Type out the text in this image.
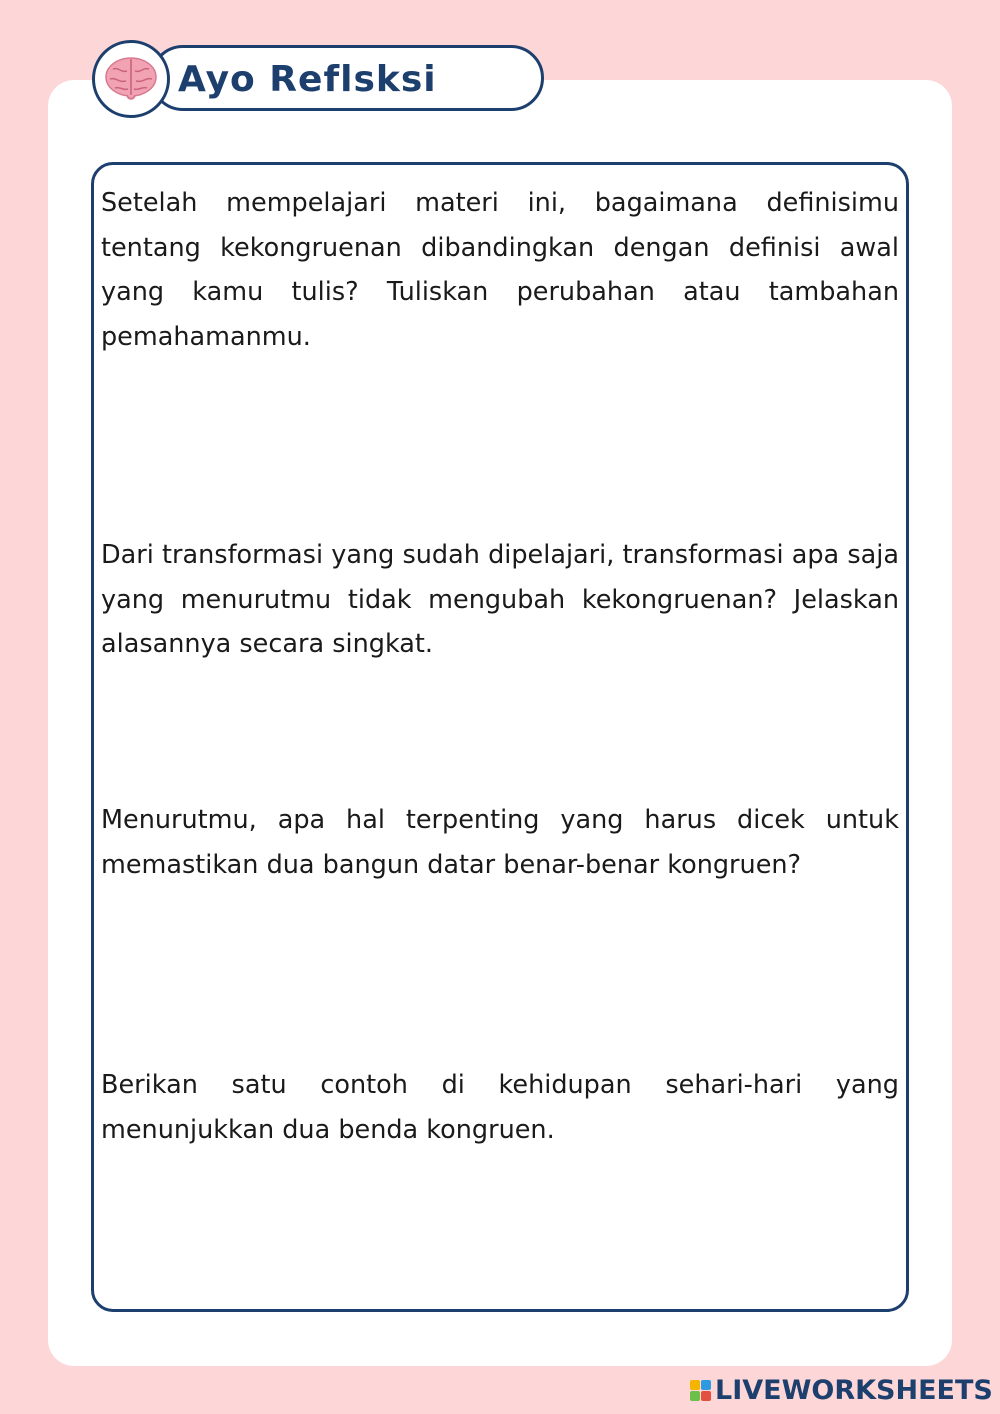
Ayo Reflsksi
Setelah mempelajari materi ini, bagaimana definisimu tentang kekongruenan dibandingkan dengan definisi awal yang kamu tulis? Tuliskan perubahan atau tambahan pemahamanmu.
Dari transformasi yang sudah dipelajari, transformasi apa saja yang menurutmu tidak mengubah kekongruenan? Jelaskan alasannya secara singkat.
Menurutmu, apa hal terpenting yang harus dicek untuk memastikan dua bangun datar benar-benar kongruen?
Berikan satu contoh di kehidupan sehari-hari yang menunjukkan dua benda kongruen.
LIVEWORKSHEETS
